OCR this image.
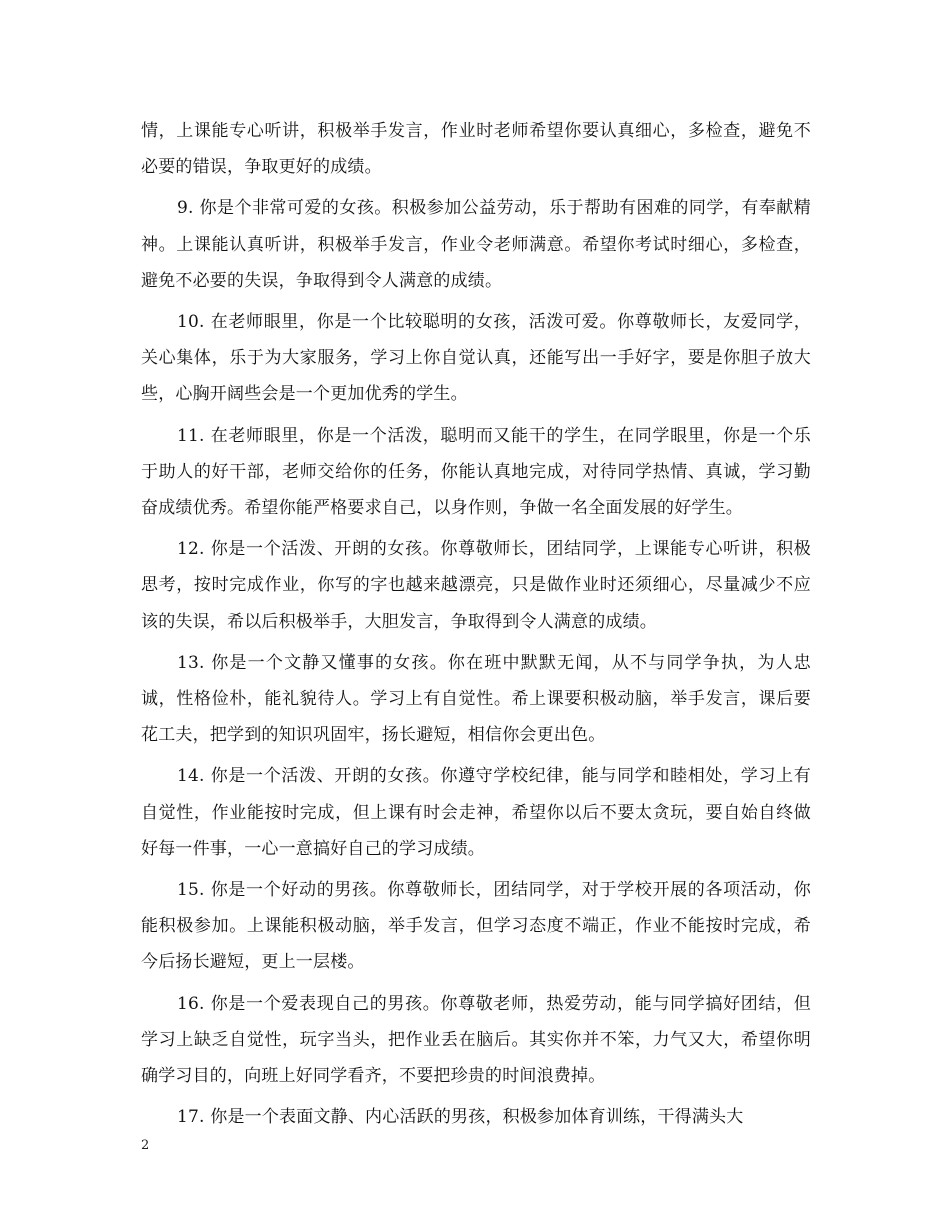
情，上课能专心听讲，积极举手发言，作业时老师希望你要认真细心，多检查，避免不必要的错误，争取更好的成绩。

9. 你是个非常可爱的女孩。积极参加公益劳动，乐于帮助有困难的同学，有奉献精神。上课能认真听讲，积极举手发言，作业令老师满意。希望你考试时细心，多检查，避免不必要的失误，争取得到令人满意的成绩。

10. 在老师眼里，你是一个比较聪明的女孩，活泼可爱。你尊敬师长，友爱同学，关心集体，乐于为大家服务，学习上你自觉认真，还能写出一手好字，要是你胆子放大些，心胸开阔些会是一个更加优秀的学生。

11. 在老师眼里，你是一个活泼，聪明而又能干的学生，在同学眼里，你是一个乐于助人的好干部，老师交给你的任务，你能认真地完成，对待同学热情、真诚，学习勤奋成绩优秀。希望你能严格要求自己，以身作则，争做一名全面发展的好学生。

12. 你是一个活泼、开朗的女孩。你尊敬师长，团结同学，上课能专心听讲，积极思考，按时完成作业，你写的字也越来越漂亮，只是做作业时还须细心，尽量减少不应该的失误，希以后积极举手，大胆发言，争取得到令人满意的成绩。

13. 你是一个文静又懂事的女孩。你在班中默默无闻，从不与同学争执，为人忠诚，性格俭朴，能礼貌待人。学习上有自觉性。希上课要积极动脑，举手发言，课后要花工夫，把学到的知识巩固牢，扬长避短，相信你会更出色。

14. 你是一个活泼、开朗的女孩。你遵守学校纪律，能与同学和睦相处，学习上有自觉性，作业能按时完成，但上课有时会走神，希望你以后不要太贪玩，要自始自终做好每一件事，一心一意搞好自己的学习成绩。

15. 你是一个好动的男孩。你尊敬师长，团结同学，对于学校开展的各项活动，你能积极参加。上课能积极动脑，举手发言，但学习态度不端正，作业不能按时完成，希今后扬长避短，更上一层楼。

16. 你是一个爱表现自己的男孩。你尊敬老师，热爱劳动，能与同学搞好团结，但学习上缺乏自觉性，玩字当头，把作业丢在脑后。其实你并不笨，力气又大，希望你明确学习目的，向班上好同学看齐，不要把珍贵的时间浪费掉。

17. 你是一个表面文静、内心活跃的男孩，积极参加体育训练，干得满头大

2
